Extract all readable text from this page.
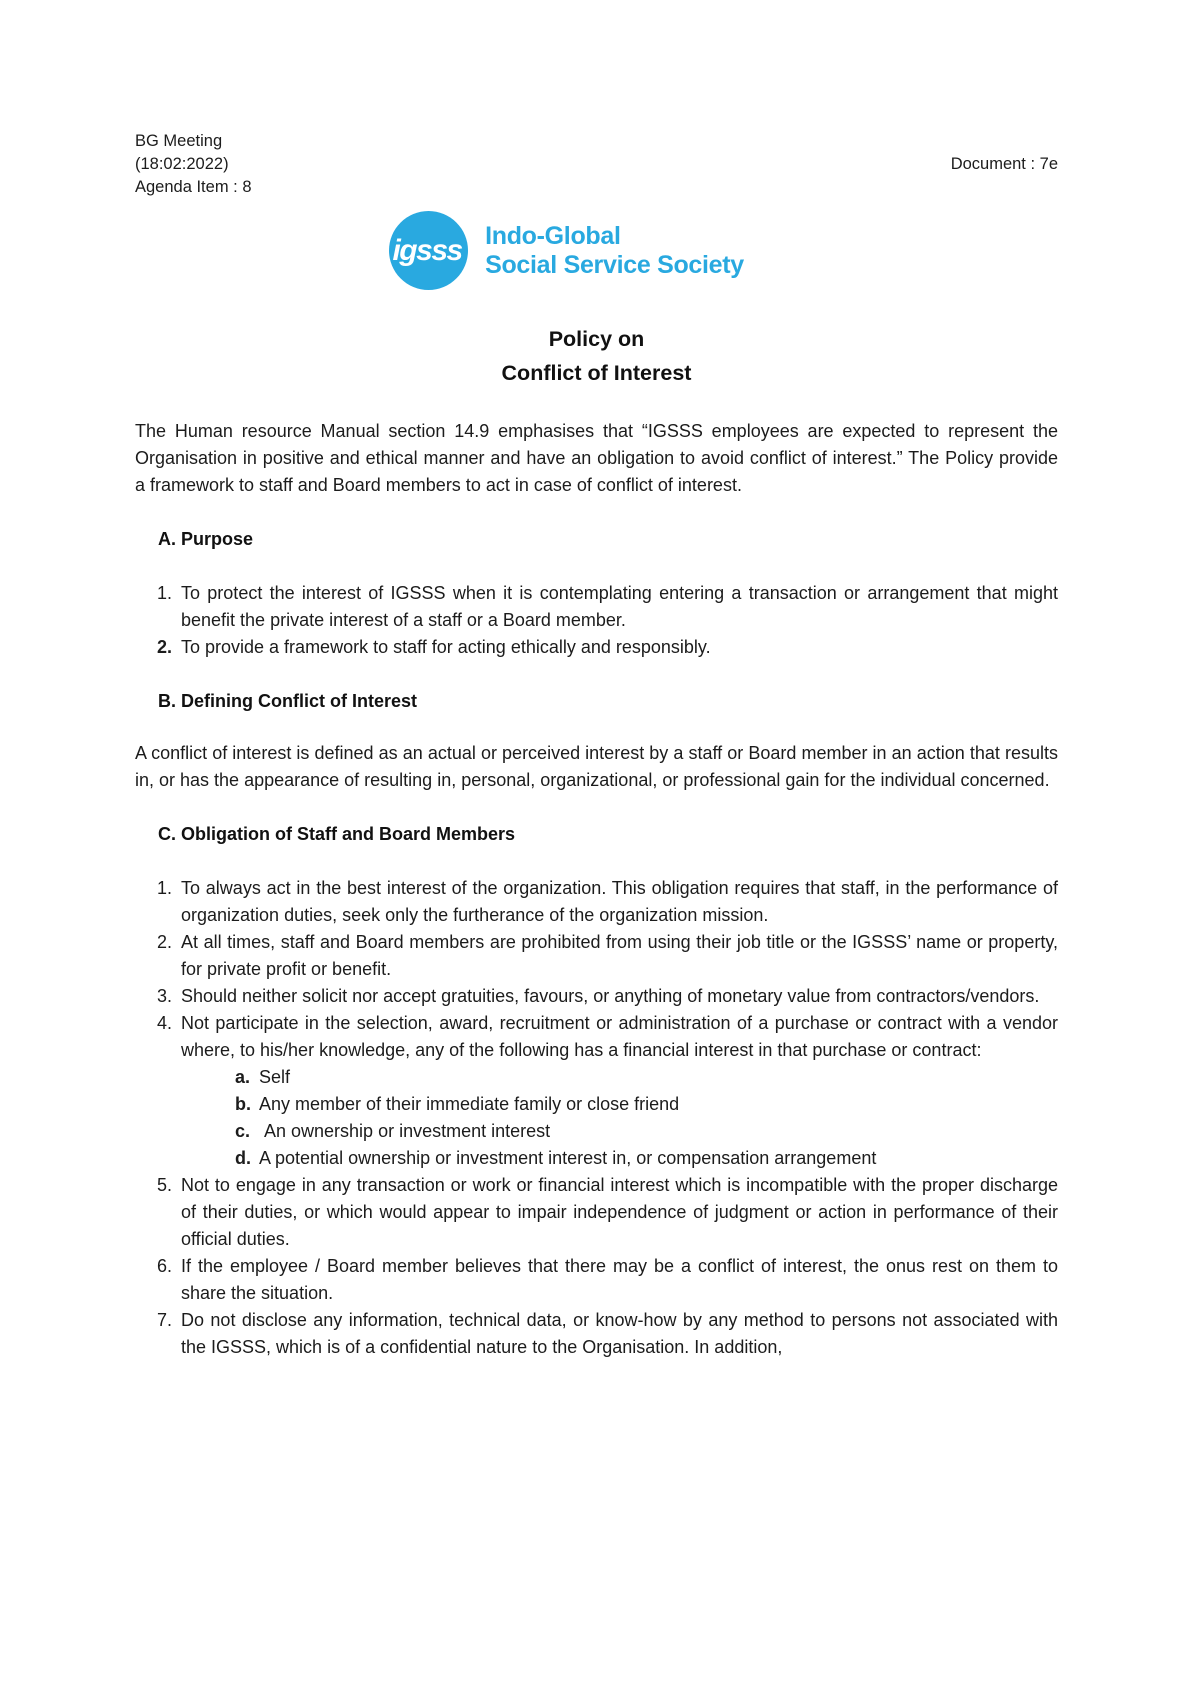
BG Meeting
(18:02:2022)
Agenda Item : 8
Document : 7e
igsss Indo-Global
Social Service Society
Policy on
Conflict of Interest

The Human resource Manual section 14.9 emphasises that “IGSSS employees are expected to represent the Organisation in positive and ethical manner and have an obligation to avoid conflict of interest.” The Policy provide a framework to staff and Board members to act in case of conflict of interest.

A. Purpose
1. To protect the interest of IGSSS when it is contemplating entering a transaction or arrangement that might benefit the private interest of a staff or a Board member.
2. To provide a framework to staff for acting ethically and responsibly.
B. Defining Conflict of Interest

A conflict of interest is defined as an actual or perceived interest by a staff or Board member in an action that results in, or has the appearance of resulting in, personal, organizational, or professional gain for the individual concerned.

C. Obligation of Staff and Board Members
1. To always act in the best interest of the organization. This obligation requires that staff, in the performance of organization duties, seek only the furtherance of the organization mission.
2. At all times, staff and Board members are prohibited from using their job title or the IGSSS’ name or property, for private profit or benefit.
3. Should neither solicit nor accept gratuities, favours, or anything of monetary value from contractors/vendors.
4. Not participate in the selection, award, recruitment or administration of a purchase or contract with a vendor where, to his/her knowledge, any of the following has a financial interest in that purchase or contract:
a. Self
b. Any member of their immediate family or close friend
c. An ownership or investment interest
d. A potential ownership or investment interest in, or compensation arrangement
5. Not to engage in any transaction or work or financial interest which is incompatible with the proper discharge of their duties, or which would appear to impair independence of judgment or action in performance of their official duties.
6. If the employee / Board member believes that there may be a conflict of interest, the onus rest on them to share the situation.
7. Do not disclose any information, technical data, or know-how by any method to persons not associated with the IGSSS, which is of a confidential nature to the Organisation. In addition,
